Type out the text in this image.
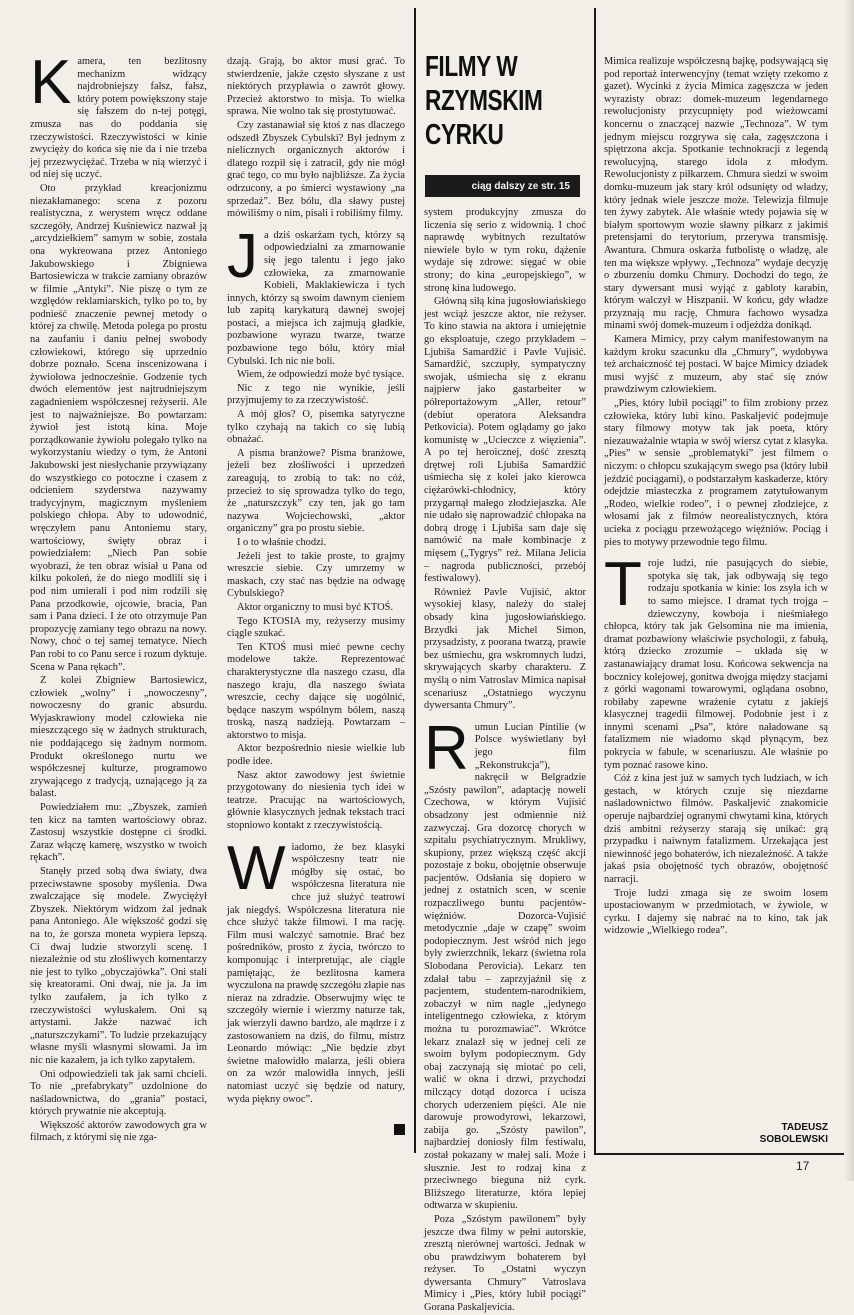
K amera, ten bezlitosny mechanizm widzący najdrobniejszy fałsz, fałsz, który potem powiększony staje się fałszem do n-tej potęgi, zmusza nas do poddania się rzeczywistości. Rzeczywistości w kinie zwycięży do końca się nie da i nie trzeba jej przezwyciężać. Trzeba w nią wierzyć i od niej się uczyć.

Oto przykład kreacjonizmu niezakłamanego: scena z pozoru realistyczna, z werystem wręcz oddane szczegóły, Andrzej Kuśniewicz nazwał ją „arcydziełkiem” samym w sobie, została ona wykreowana przez Antoniego Jakubowskiego i Zbigniewa Bartosiewicza w trakcie zamiany obrazów w filmie „Antyki”. Nie piszę o tym ze względów reklamiarskich, tylko po to, by podnieść znaczenie pewnej metody o której za chwilę. Metoda polega po prostu na zaufaniu i daniu pełnej swobody człowiekowi, którego się uprzednio dobrze poznało. Scena inscenizowana i żywiołowa jednocześnie. Godzenie tych dwóch elementów jest najtrudniejszym zagadnieniem współczesnej reżyserii. Ale jest to najważniejsze. Bo powtarzam: żywioł jest istotą kina. Moje porządkowanie żywiołu polegało tylko na wykorzystaniu wiedzy o tym, że Antoni Jakubowski jest niesłychanie przywiązany do wszystkiego co potoczne i czasem z odcieniem szyderstwa nazywamy tradycyjnym, magicznym myśleniem polskiego chłopa. Aby to udowodnić, wręczyłem panu Antoniemu stary, wartościowy, święty obraz i powiedziałem: „Niech Pan sobie wyobrazi, że ten obraz wisiał u Pana od kilku pokoleń, że do niego modlili się i pod nim umierali i pod nim rodzili się Pana przodkowie, ojcowie, bracia, Pan sam i Pana dzieci. I że oto otrzymuje Pan propozycję zamiany tego obrazu na nowy. Nowy, choć o tej samej tematyce. Niech Pan robi to co Panu serce i rozum dyktuje. Scena w Pana rękach”.

Z kolei Zbigniew Bartosiewicz, człowiek „wolny” i „nowoczesny”, nowoczesny do granic absurdu. Wyjaskrawiony model człowieka nie mieszczącego się w żadnych strukturach, nie poddającego się żadnym normom. Produkt określonego nurtu we współczesnej kulturze, programowo zrywającego z tradycją, uznającego ją za balast.

Powiedziałem mu: „Zbyszek, zamień ten kicz na tamten wartościowy obraz. Zastosuj wszystkie dostępne ci środki. Zaraz włączę kamerę, wszystko w twoich rękach”.

Stanęły przed sobą dwa światy, dwa przeciwstawne sposoby myślenia. Dwa zwalczające się modele. Zwyciężył Zbyszek. Niektórym widzom żal jednak pana Antoniego. Ale większość godzi się na to, że gorsza moneta wypiera lepszą. Ci dwaj ludzie stworzyli scenę. I niezależnie od stu złośliwych komentarzy nie jest to tylko „obyczajówka”. Oni stali się kreatorami. Oni dwaj, nie ja. Ja im tylko zaufałem, ja ich tylko z rzeczywistości wyłuskałem. Oni są artystami. Jakże nazwać ich „naturszczykami”. To ludzie przekazujący własne myśli własnymi słowami. Ja im nic nie kazałem, ja ich tylko zapytałem.

Oni odpowiedzieli tak jak sami chcieli. To nie „prefabrykaty” uzdolnione do naśladownictwa, do „grania” postaci, których prywatnie nie akceptują.

Większość aktorów zawodowych gra w filmach, z którymi się nie zga-

dzają. Grają, bo aktor musi grać. To stwierdzenie, jakże często słyszane z ust niektórych przypławia o zawrót głowy. Przecież aktorstwo to misja. To wielka sprawa. Nie wolno tak się prostytuować.

Czy zastanawiał się ktoś z nas dlaczego odszedł Zbyszek Cybulski? Był jednym z nielicznych organicznych aktorów i dlatego rozpił się i zatracił, gdy nie mógł grać tego, co mu było najbliższe. Za życia odrzucony, a po śmierci wystawiony „na sprzedaż”. Bez bólu, dla sławy pustej mówiliśmy o nim, pisali i robiliśmy filmy.

J a dziś oskarżam tych, którzy są odpowiedzialni za zmarnowanie się jego talentu i jego jako człowieka, za zmarnowanie Kobieli, Maklakiewicza i tych innych, którzy są swoim dawnym cieniem lub zapitą karykaturą dawnej swojej postaci, a miejsca ich zajmują gładkie, pozbawione wyrazu twarze, twarze pozbawione tego bólu, który miał Cybulski. Ich nic nie boli.

Wiem, że odpowiedzi może być tysiące.

Nic z tego nie wynikie, jeśli przyjmujemy to za rzeczywistość.

A mój głos? O, pisemka satyryczne tylko czyhają na takich co się lubią obnażać.

A pisma branżowe? Pisma branżowe, jeżeli bez złośliwości i uprzedzeń zareagują, to zrobią to tak: no cóż, przecież to się sprowadza tylko do tego, że „naturszczyk” czy ten, jak go tam nazywa Wojciechowski, „aktor organiczny” gra po prostu siebie.

I o to właśnie chodzi.

Jeżeli jest to takie proste, to grajmy wreszcie siebie. Czy umrzemy w maskach, czy stać nas będzie na odwagę Cybulskiego?

Aktor organiczny to musi być KTOŚ.

Tego KTOSIA my, reżyserzy musimy ciągle szukać.

Ten KTOŚ musi mieć pewne cechy modelowe także. Reprezentować charakterystyczne dla naszego czasu, dla naszego kraju, dla naszego świata wreszcie, cechy dające się uogólnić, będące naszym wspólnym bólem, naszą troską, naszą nadzieją. Powtarzam – aktorstwo to misja.

Aktor bezpośrednio niesie wielkie lub podłe idee.

Nasz aktor zawodowy jest świetnie przygotowany do niesienia tych idei w teatrze. Pracując na wartościowych, głównie klasycznych jednak tekstach traci stopniowo kontakt z rzeczywistością.

W iadomo, że bez klasyki współczesny teatr nie mógłby się ostać, bo współczesna literatura nie chce już służyć teatrowi jak niegdyś. Współczesna literatura nie chce służyć także filmowi. I ma rację. Film musi walczyć samotnie. Brać bez pośredników, prosto z życia, twórczo to komponując i interpretując, ale ciągle pamiętając, że bezlitosna kamera wyczulona na prawdę szczegółu złapie nas nieraz na zdradzie. Obserwujmy więc te szczegóły wiernie i wierzmy naturze tak, jak wierzyli dawno bardzo, ale mądrze i z zastosowaniem na dziś, do filmu, mistrz Leonardo mówiąc: „Nie będzie zbyt świetne malowidło malarza, jeśli obiera on za wzór malowidła innych, jeśli natomiast uczyć się będzie od natury, wyda piękny owoc”.

FILMY W RZYMSKIM CYRKU
ciąg dalszy ze str. 15

system produkcyjny zmusza do liczenia się serio z widownią. I choć naprawdę wybitnych rezultatów niewiele było w tym roku, dążenie wydaje się zdrowe: sięgać w obie strony; do kina „europejskiego”, w stronę kina ludowego.

Główną siłą kina jugosłowiańskiego jest wciąż jeszcze aktor, nie reżyser. To kino stawia na aktora i umiejętnie go eksploatuje, czego przykładem – Ljubiša Samardžić i Pavle Vujisić. Samardžić, szczupły, sympatyczny swojak, uśmiecha się z ekranu najpierw jako gastarbeiter w półreportażowym „Aller, retour” (debiut operatora Aleksandra Petkovicia). Potem oglądamy go jako komunistę w „Ucieczce z więzienia”. A po tej heroicznej, dość zresztą drętwej roli Ljubiša Samardžić uśmiecha się z kolei jako kierowca ciężarówki-chłodnicy, który przygarnął małego złodziejaszka. Ale nie udało się naprowadzić chłopaka na dobrą drogę i Ljubiša sam daje się namówić na małe kombinacje z mięsem („Tygrys” reż. Milana Jelicia – nagroda publiczności, przebój festiwalowy).

Również Pavle Vujisić, aktor wysokiej klasy, należy do stałej obsady kina jugosłowiańskiego. Brzydki jak Michel Simon, przysadzisty, z poorana twarzą, prawie bez uśmiechu, gra wskromnych ludzi, skrywających skarby charakteru. Z myślą o nim Vatroslav Mimica napisał scenariusz „Ostatniego wyczynu dywersanta Chmury”.

R umun Lucian Pintilie (w Polsce wyświetlany był jego film „Rekonstrukcja”), nakręcił w Belgradzie „Szósty pawilon”, adaptację noweli Czechowa, w którym Vujisić obsadzony jest odmiennie niż zazwyczaj. Gra dozorcę chorych w szpitalu psychiatrycznym. Mrukliwy, skupiony, przez większą część akcji pozostaje z boku, obojętnie obserwuje pacjentów. Odsłania się dopiero w jednej z ostatnich scen, w scenie rozpaczliwego buntu pacjentów-więźniów. Dozorca-Vujisić metodycznie „daje w czapę” swoim podopiecznym. Jest wśród nich jego były zwierzchnik, lekarz (świetna rola Slobodana Perovicia). Lekarz ten zdałał tabu – zaprzyjaźnił się z pacjentem, studentem-narodnikiem, zobaczył w nim nagle „jedynego inteligentnego człowieka, z którym można tu porozmawiać”. Wkrótce lekarz znalazł się w jednej celi ze swoim byłym podopiecznym. Gdy obaj zaczynają się miotać po celi, walić w okna i drzwi, przychodzi milczący dotąd dozorca i ucisza chorych uderzeniem pięści. Ale nie darowuje prowodyrowi, lekarzowi, zabija go. „Szósty pawilon”, najbardziej doniosły film festiwalu, został pokazany w małej sali. Może i słusznie. Jest to rodzaj kina z przeciwnego bieguna niż cyrk. Bliższego literaturze, która lepiej odtwarza w skupieniu.

Poza „Szóstym pawilonem” były jeszcze dwa filmy w pełni autorskie, zresztą nierównej wartości. Jednak w obu prawdziwym bohaterem był reżyser. To „Ostatni wyczyn dywersanta Chmury” Vatroslava Mimicy i „Pies, który lubił pociągi” Gorana Paskaljevicia.

Mimica realizuje współczesną bajkę, podsywającą się pod reportaż interwencyjny (temat wzięty rzekomo z gazet). Wycinki z życia Mimica zagęszcza w jeden wyrazisty obraz: domek-muzeum legendarnego rewolucjonisty przycupnięty pod wieżowcami koncernu o znaczącej nazwie „Technoza”. W tym jednym miejscu rozgrywa się cała, zagęszczona i spiętrzona akcja. Spotkanie technokracji z legendą rewolucyjną, starego idola z młodym. Rewolucjonisty z piłkarzem. Chmura siedzi w swoim domku-muzeum jak stary król odsunięty od władzy, który jednak wiele jeszcze może. Telewizja filmuje ten żywy zabytek. Ale właśnie wtedy pojawia się w białym sportowym wozie sławny piłkarz z jakimiś pretensjami do terytorium, przerywa transmisję. Awantura. Chmura oskarża futbolistę o władzę, ale ten ma większe wpływy. „Technoza” wydaje decyzję o zburzeniu domku Chmury. Dochodzi do tego, że stary dywersant musi wyjąć z gabloty karabin, którym walczył w Hiszpanii. W końcu, gdy władze przyznają mu rację, Chmura fachowo wysadza minami swój domek-muzeum i odjeżdża donikąd.

Kamera Mimicy, przy całym manifestowanym na każdym kroku szacunku dla „Chmury”, wydobywa też archaiczność tej postaci. W bajce Mimicy dziadek musi wyjść z muzeum, aby stać się znów prawdziwym człowiekiem.

„Pies, który lubił pociągi” to film zrobiony przez człowieka, który lubi kino. Paskaljević podejmuje stary filmowy motyw tak jak poeta, który niezauważalnie wtapia w swój wiersz cytat z klasyka. „Pies” w sensie „problematyki” jest filmem o niczym: o chłopcu szukającym swego psa (który lubił jeździć pociągami), o podstarzałym kaskaderze, który odejdzie miasteczka z programem zatytułowanym „Rodeo, wielkie rodeo”, i o pewnej złodziejce, z włosami jak z filmów neorealistycznych, która ucieka z pociągu przewożącego więźniów. Pociąg i pies to motywy przewodnie tego filmu.

T roje ludzi, nie pasujących do siebie, spotyka się tak, jak odbywają się tego rodzaju spotkania w kinie: los zsyła ich w to samo miejsce. I dramat tych trojga – dziewczyny, kowboja i nieśmiałego chłopca, który tak jak Gelsomina nie ma imienia, dramat pozbawiony właściwie psychologii, z fabułą, którą dziecko zrozumie – układa się w zastanawiający dramat losu. Końcowa sekwencja na bocznicy kolejowej, gonitwa dwojga między stacjami z górki wagonami towarowymi, oglądana osobno, robiłaby zapewne wrażenie cytatu z jakiejś klasycznej tragedii filmowej. Podobnie jest i z innymi scenami „Psa”, które naładowane są fatalizmem nie wiadomo skąd płynącym, bez pokrycia w fabule, w scenariuszu. Ale właśnie po tym poznać rasowe kino.

Cóż z kina jest już w samych tych ludziach, w ich gestach, w których czuje się niezdarne naśladownictwo filmów. Paskaljević znakomicie operuje najbardziej ogranymi chwytami kina, których dziś ambitni reżyserzy starają się unikać: grą przypadku i naiwnym fatalizmem. Urzekająca jest niewinność jego bohaterów, ich niezależność. A także jakaś psia obojętność tych obrazów, obojętność narracji.

Troje ludzi zmaga się ze swoim losem upostaciowanym w przedmiotach, w żywiole, w cyrku. I dajemy się nabrać na to kino, tak jak widzowie „Wielkiego rodea”.

TADEUSZ SOBOLEWSKI
17
